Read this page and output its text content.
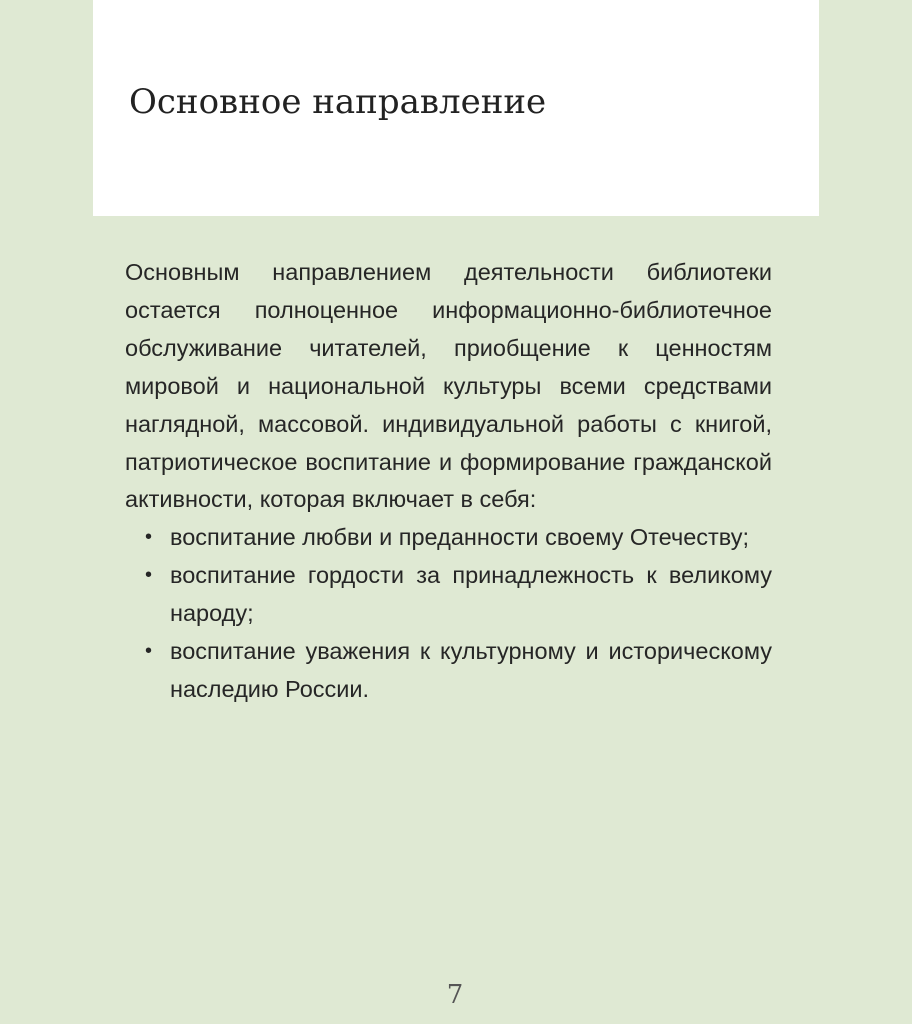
Основное направление

Основным направлением деятельности библиотеки остается полноценное информационно-библиотечное обслуживание читателей, приобщение к ценностям мировой и национальной культуры всеми средствами наглядной, массовой. индивидуальной работы с книгой, патриотическое воспитание и формирование гражданской активности, которая включает в себя:

• воспитание любви и преданности своему Отечеству;
• воспитание гордости за принадлежность к великому народу;
• воспитание уважения к культурному и историческому наследию России.
7
